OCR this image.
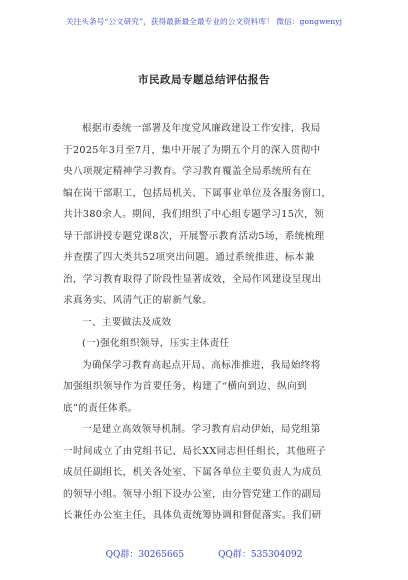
关注头条号“公文研究”，获得最新最全最专业的公文资料库！ 微信：gongwenyj
市民政局专题总结评估报告
根据市委统一部署及年度党风廉政建设工作安排，我局
于2025年3月至7月，集中开展了为期五个月的深入贯彻中
央八项规定精神学习教育。学习教育覆盖全局系统所有在
编在岗干部职工，包括局机关、下属事业单位及各服务窗口，
共计380余人。期间，我们组织了中心组专题学习15次，领
导干部讲授专题党课8次，开展警示教育活动5场，系统梳理
并查摆了四大类共52项突出问题。通过系统推进、标本兼
治，学习教育取得了阶段性显著成效，全局作风建设呈现出
求真务实、风清气正的崭新气象。
一、主要做法及成效
(一)强化组织领导，压实主体责任
为确保学习教育高起点开局、高标准推进，我局始终将
加强组织领导作为首要任务，构建了“横向到边、纵向到
底”的责任体系。
一是建立高效领导机制。学习教育启动伊始，局党组第
一时间成立了由党组书记、局长XX同志担任组长，其他班子
成员任副组长，机关各处室、下属各单位主要负责人为成员
的领导小组。领导小组下设办公室，由分管党建工作的副局
长兼任办公室主任，具体负责统筹协调和督促落实。我们研
QQ群：30265665	QQ群：535304092
